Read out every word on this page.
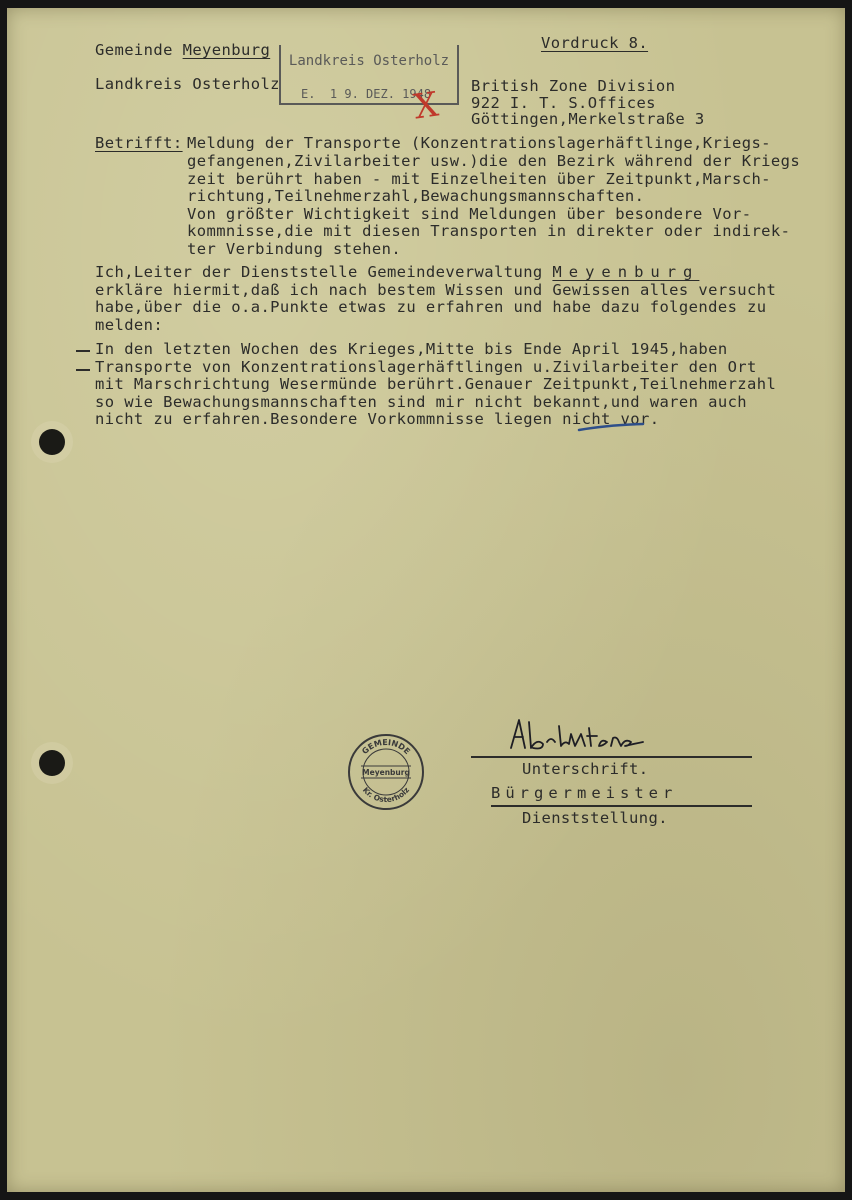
Gemeinde Meyenburg

Landkreis Osterholz

Vordruck 8.

Landkreis Osterholz
E.  1 9. DEZ. 1948
X British Zone Division

922 I. T. S.Offices

Göttingen,Merkelstraße 3

Betrifft: Meldung der Transporte (Konzentrationslagerhäftlinge,Kriegs-

gefangenen,Zivilarbeiter usw.)die den Bezirk während der Kriegs

zeit berührt haben - mit Einzelheiten über Zeitpunkt,Marsch-

richtung,Teilnehmerzahl,Bewachungsmannschaften.

Von größter Wichtigkeit sind Meldungen über besondere Vor-

kommnisse,die mit diesen Transporten in direkter oder indirek-

ter Verbindung stehen.

Ich,Leiter der Dienststelle Gemeindeverwaltung Meyenburg

erkläre hiermit,daß ich nach bestem Wissen und Gewissen alles versucht

habe,über die o.a.Punkte etwas zu erfahren und habe dazu folgendes zu

melden:

In den letzten Wochen des Krieges,Mitte bis Ende April 1945,haben

Transporte von Konzentrationslagerhäftlingen u.Zivilarbeiter den Ort

mit Marschrichtung Wesermünde berührt.Genauer Zeitpunkt,Teilnehmerzahl

so wie Bewachungsmannschaften sind mir nicht bekannt,und waren auch

nicht zu erfahren.Besondere Vorkommnisse liegen nicht vor.

GEMEINDE
Meyenburg
Kr. Osterholz

Unterschrift.

Bürgermeister

Dienststellung.
